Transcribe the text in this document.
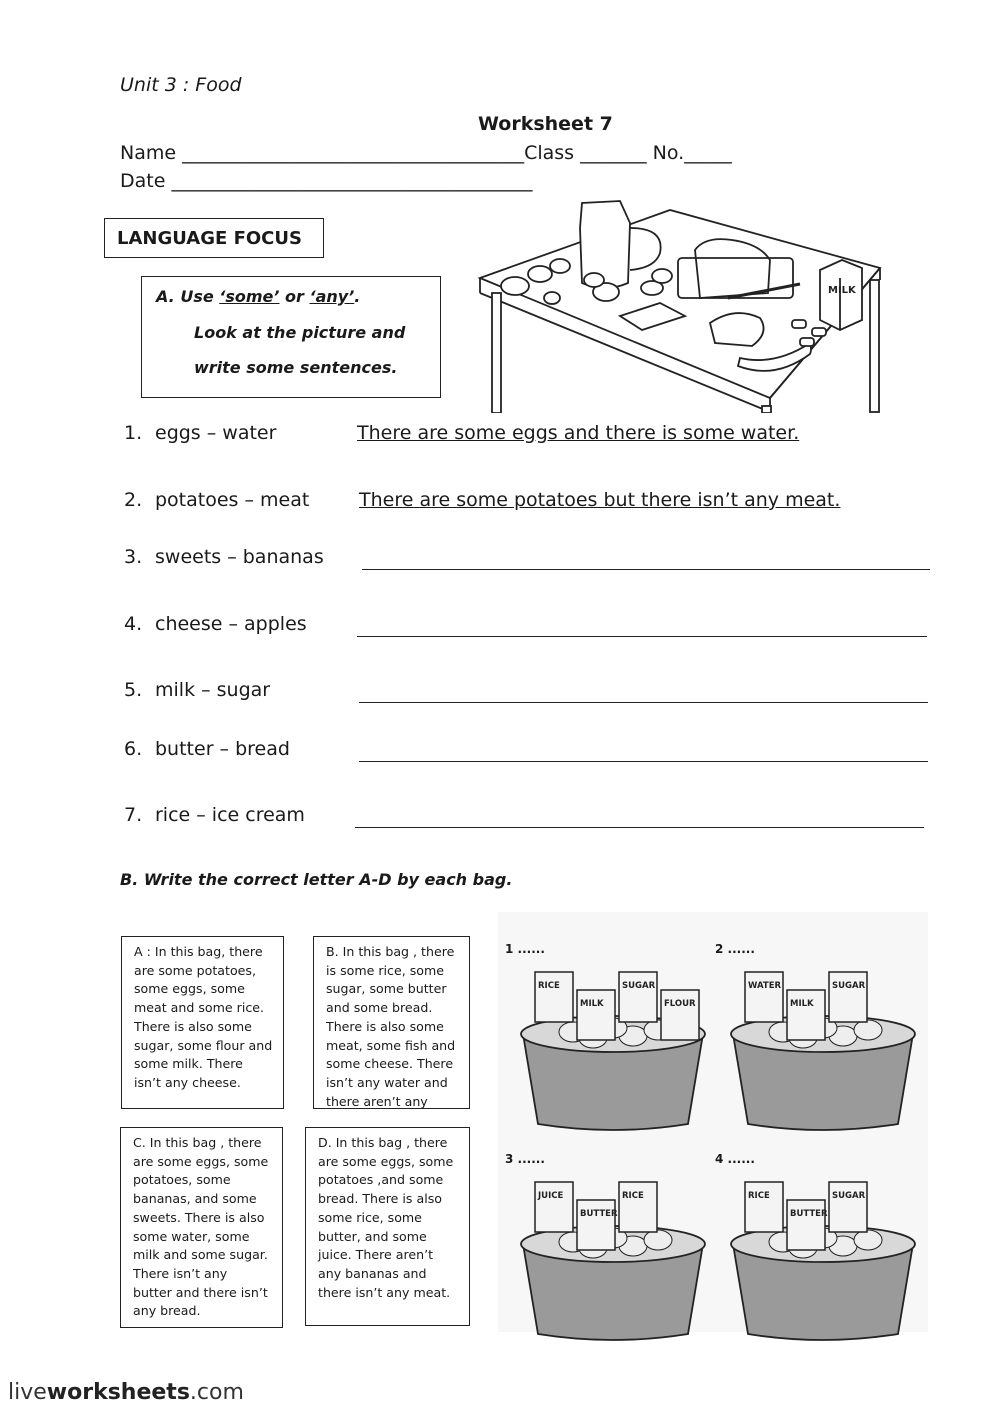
Unit 3 : Food
Worksheet 7
Name ____________________________________Class _______ No._____
Date ______________________________________
LANGUAGE FOCUS
A. Use ‘some’ or ‘any’.
Look at the picture and
write some sentences.
MILK
1. eggs – water	There are some eggs and there is some water.
2. potatoes – meat	There are some potatoes but there isn’t any meat.
3. sweets – bananas
4. cheese – apples
5. milk – sugar
6. butter – bread
7. rice – ice cream
B. Write the correct letter A-D by each bag.
A : In this bag, there
are some potatoes,
some eggs, some
meat and some rice.
There is also some
sugar, some flour and
some milk. There
isn’t any cheese.
B. In this bag , there
is some rice, some
sugar, some butter
and some bread.
There is also some
meat, some fish and
some cheese. There
isn’t any water and
there aren’t any
C. In this bag , there
are some eggs, some
potatoes, some
bananas, and some
sweets. There is also
some water, some
milk and some sugar.
There isn’t any
butter and there isn’t
any bread.
D. In this bag , there
are some eggs, some
potatoes ,and some
bread. There is also
some rice, some
butter, and some
juice. There aren’t
any bananas and
there isn’t any meat.
1 ......
RICE
MILK
SUGAR
FLOUR
2 ......
WATER
MILK
SUGAR
3 ......
JUICE
BUTTER
RICE
4 ......
RICE
BUTTER
SUGAR
liveworksheets.com
